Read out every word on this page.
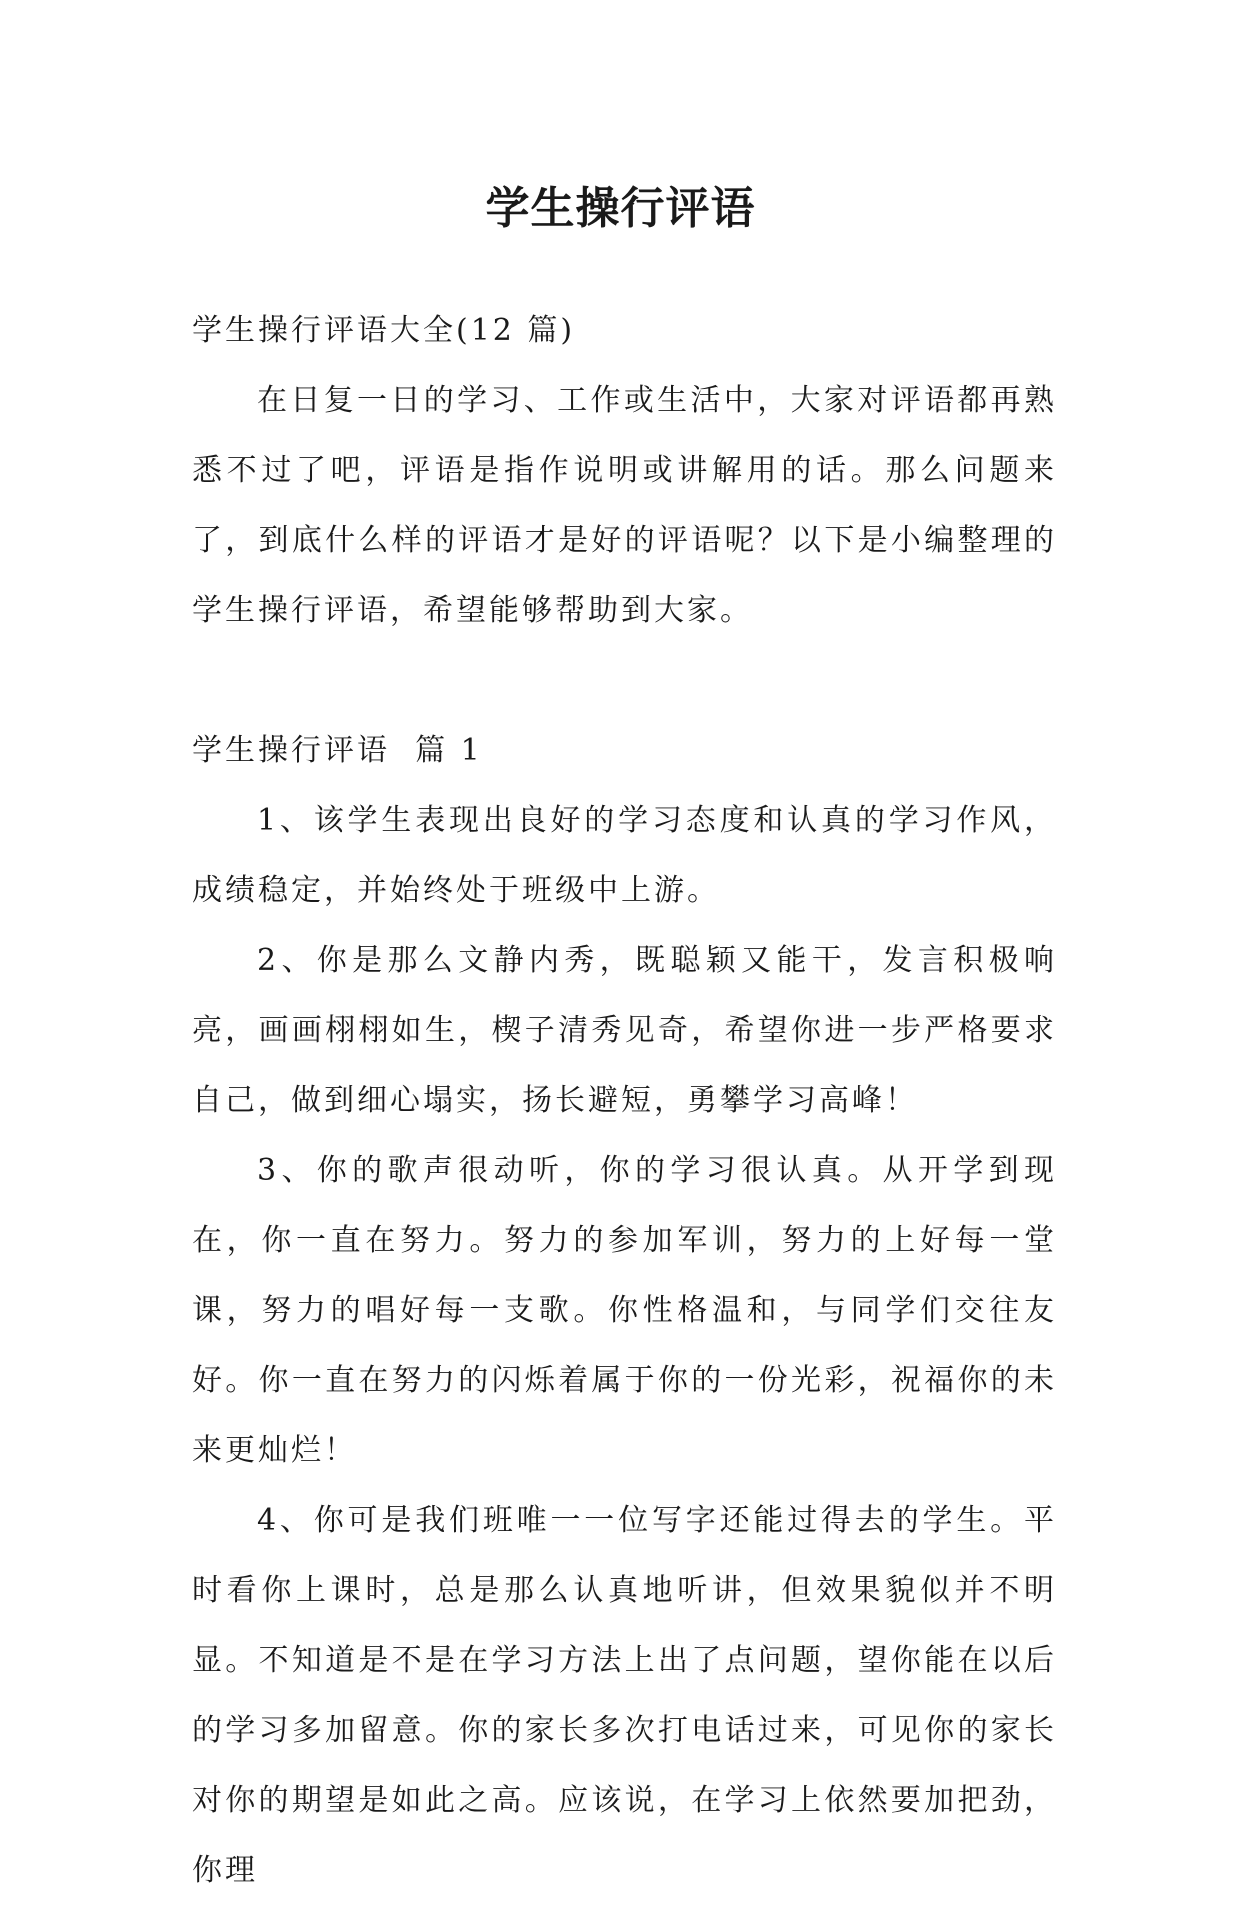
学生操行评语

学生操行评语大全(12 篇)

在日复一日的学习、工作或生活中，大家对评语都再熟悉不过了吧，评语是指作说明或讲解用的话。那么问题来了，到底什么样的评语才是好的评语呢？以下是小编整理的学生操行评语，希望能够帮助到大家。

学生操行评语  篇 1

1、该学生表现出良好的学习态度和认真的学习作风，成绩稳定，并始终处于班级中上游。

2、你是那么文静内秀，既聪颖又能干，发言积极响亮，画画栩栩如生，楔子清秀见奇，希望你进一步严格要求自己，做到细心塌实，扬长避短，勇攀学习高峰！

3、你的歌声很动听，你的学习很认真。从开学到现在，你一直在努力。努力的参加军训，努力的上好每一堂课，努力的唱好每一支歌。你性格温和，与同学们交往友好。你一直在努力的闪烁着属于你的一份光彩，祝福你的未来更灿烂！

4、你可是我们班唯一一位写字还能过得去的学生。平时看你上课时，总是那么认真地听讲，但效果貌似并不明显。不知道是不是在学习方法上出了点问题，望你能在以后的学习多加留意。你的家长多次打电话过来，可见你的家长对你的期望是如此之高。应该说，在学习上依然要加把劲，你理
